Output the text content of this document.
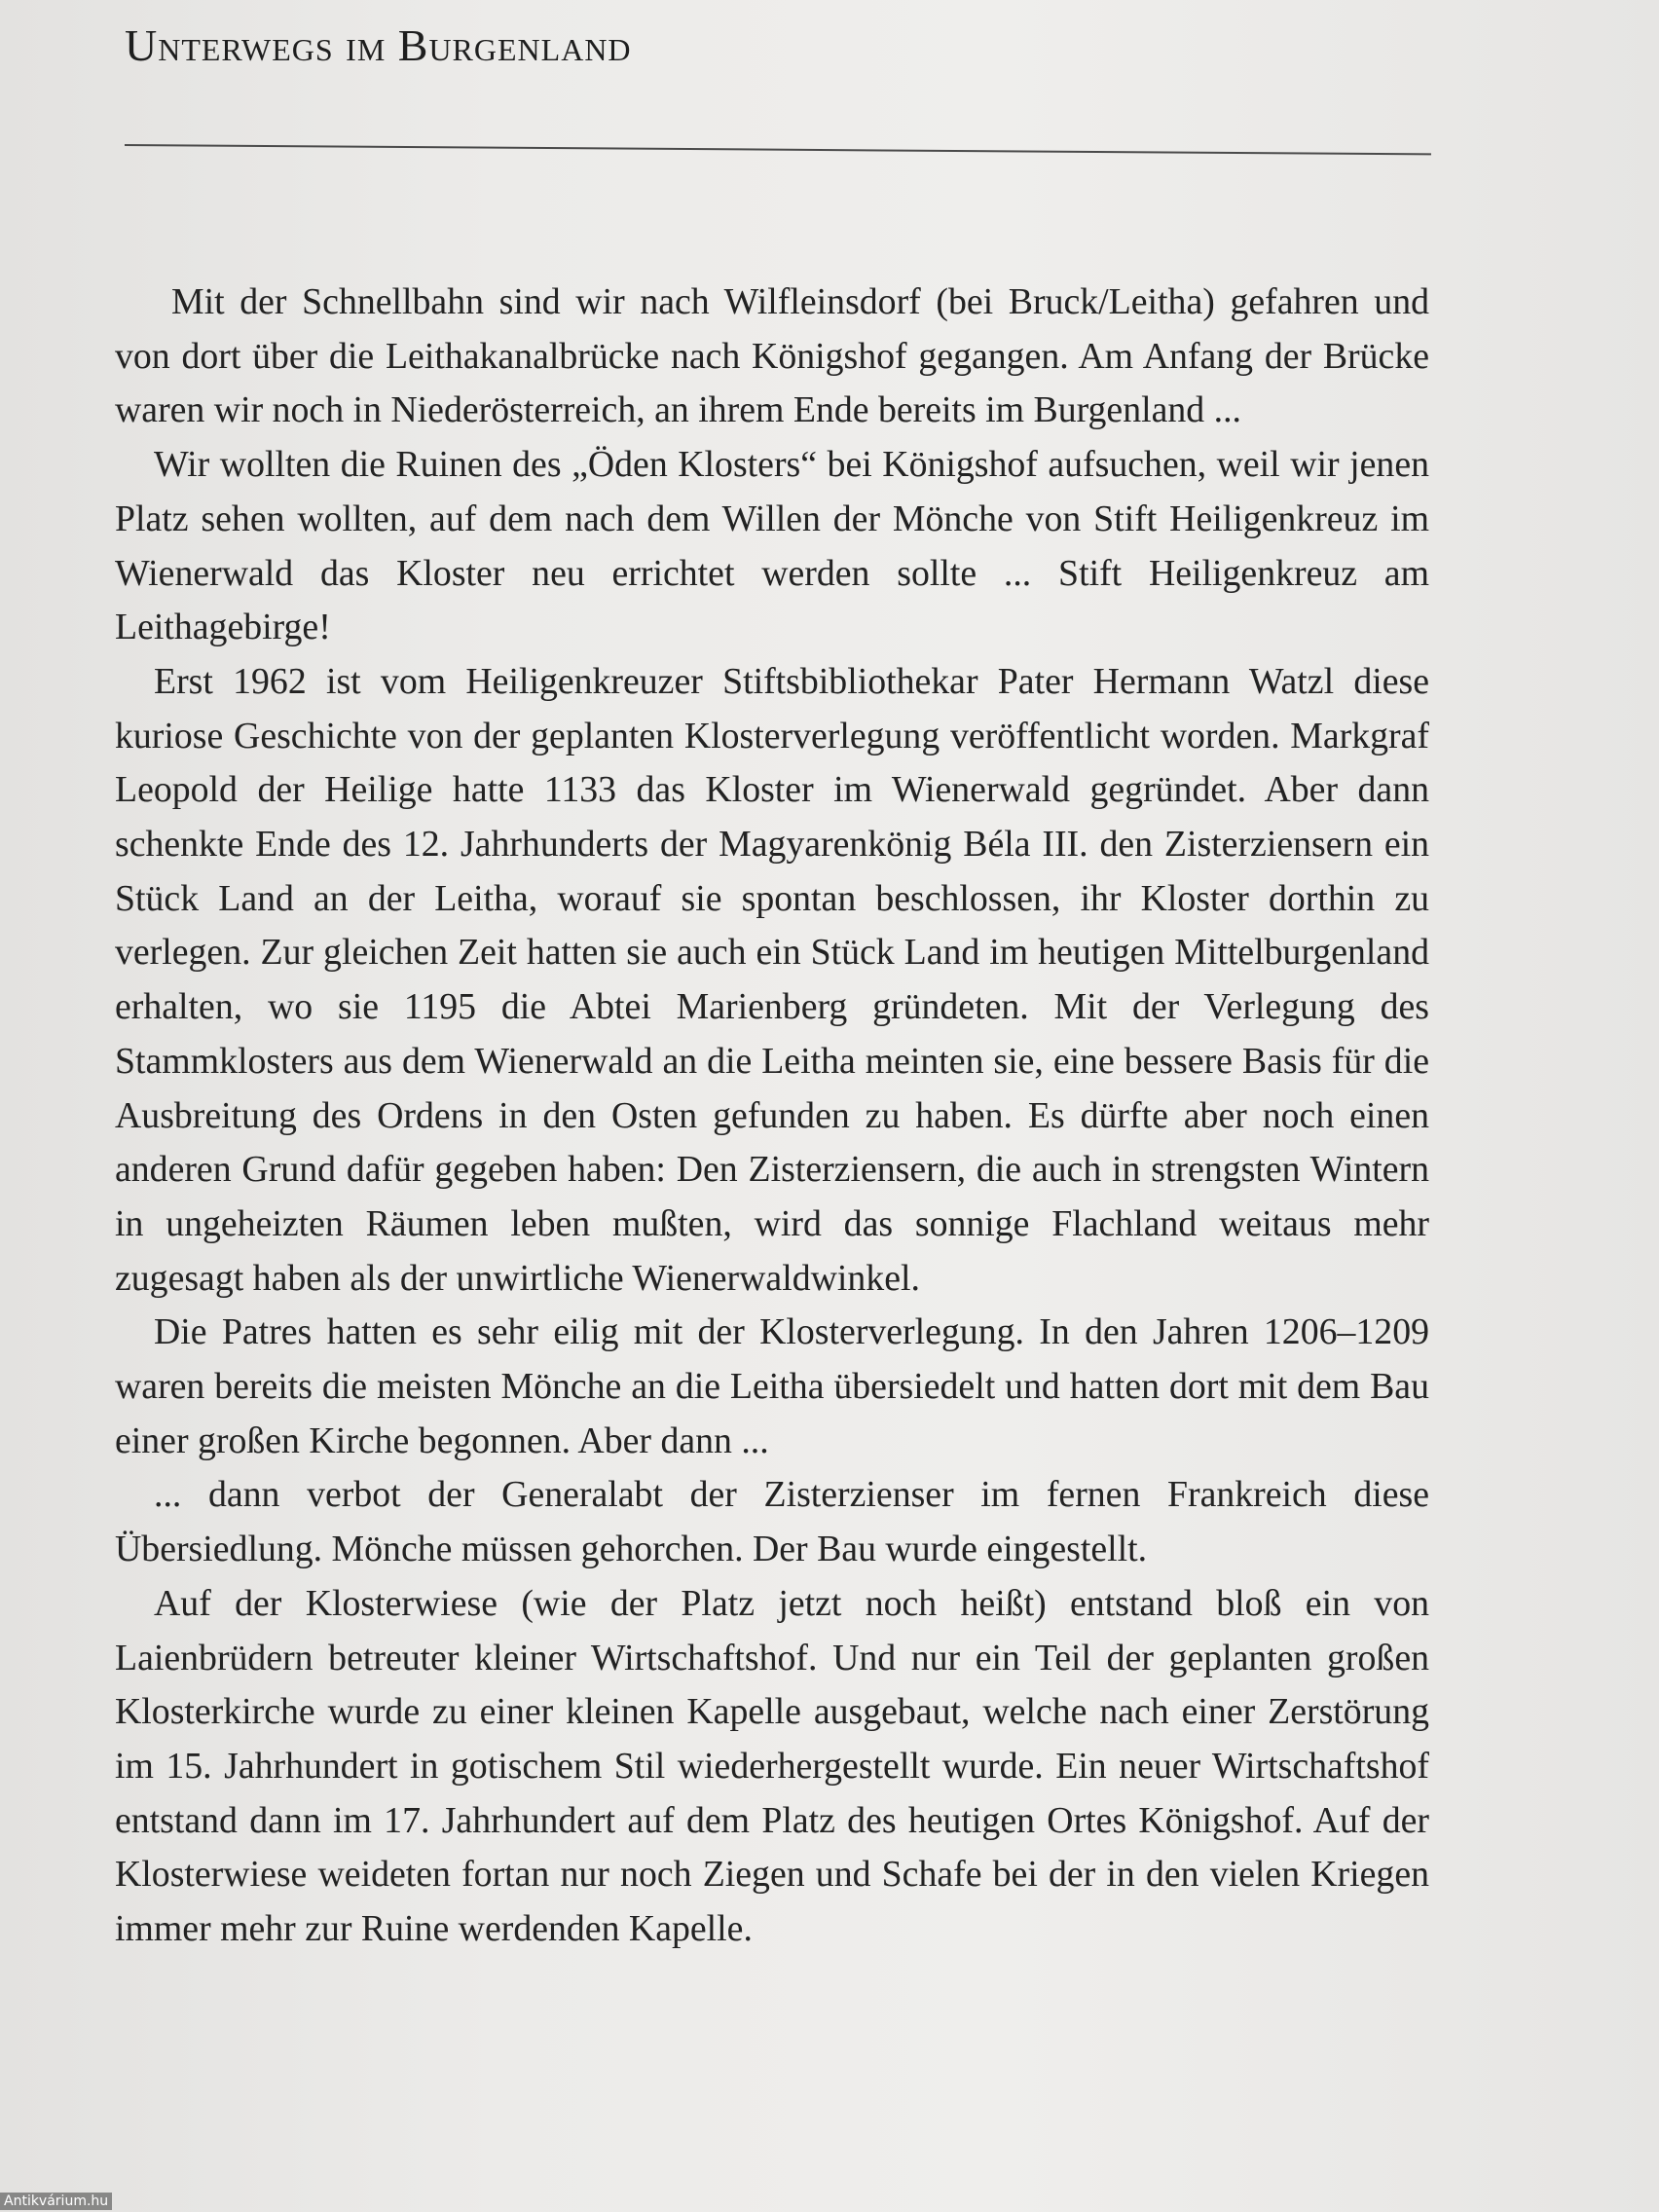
Unterwegs im Burgenland

Mit der Schnellbahn sind wir nach Wilfleinsdorf (bei Bruck/Leitha) gefahren und von dort über die Leithakanalbrücke nach Königshof gegangen. Am Anfang der Brücke waren wir noch in Niederösterreich, an ihrem Ende bereits im Burgenland ...

Wir wollten die Ruinen des „Öden Klosters“ bei Königshof aufsuchen, weil wir jenen Platz sehen wollten, auf dem nach dem Willen der Mönche von Stift Heiligenkreuz im Wienerwald das Kloster neu errichtet werden sollte ... Stift Heiligenkreuz am Leithagebirge!

Erst 1962 ist vom Heiligenkreuzer Stiftsbibliothekar Pater Hermann Watzl diese kuriose Geschichte von der geplanten Klosterverlegung veröffentlicht worden. Markgraf Leopold der Heilige hatte 1133 das Kloster im Wienerwald gegründet. Aber dann schenkte Ende des 12. Jahrhunderts der Magyarenkönig Béla III. den Zisterziensern ein Stück Land an der Leitha, worauf sie spontan beschlossen, ihr Kloster dorthin zu verlegen. Zur gleichen Zeit hatten sie auch ein Stück Land im heutigen Mittelburgenland erhalten, wo sie 1195 die Abtei Marienberg gründeten. Mit der Verlegung des Stammklosters aus dem Wienerwald an die Leitha meinten sie, eine bessere Basis für die Ausbreitung des Ordens in den Osten gefunden zu haben. Es dürfte aber noch einen anderen Grund dafür gegeben haben: Den Zisterziensern, die auch in strengsten Wintern in ungeheizten Räumen leben mußten, wird das sonnige Flachland weitaus mehr zugesagt haben als der unwirtliche Wienerwaldwinkel.

Die Patres hatten es sehr eilig mit der Klosterverlegung. In den Jahren 1206–1209 waren bereits die meisten Mönche an die Leitha übersiedelt und hatten dort mit dem Bau einer großen Kirche begonnen. Aber dann ...

... dann verbot der Generalabt der Zisterzienser im fernen Frankreich diese Übersiedlung. Mönche müssen gehorchen. Der Bau wurde eingestellt.

Auf der Klosterwiese (wie der Platz jetzt noch heißt) entstand bloß ein von Laienbrüdern betreuter kleiner Wirtschaftshof. Und nur ein Teil der geplanten großen Klosterkirche wurde zu einer kleinen Kapelle ausgebaut, welche nach einer Zerstörung im 15. Jahrhundert in gotischem Stil wiederhergestellt wurde. Ein neuer Wirtschaftshof entstand dann im 17. Jahrhundert auf dem Platz des heutigen Ortes Königshof. Auf der Klosterwiese weideten fortan nur noch Ziegen und Schafe bei der in den vielen Kriegen immer mehr zur Ruine werdenden Kapelle.

Antikvárium.hu
